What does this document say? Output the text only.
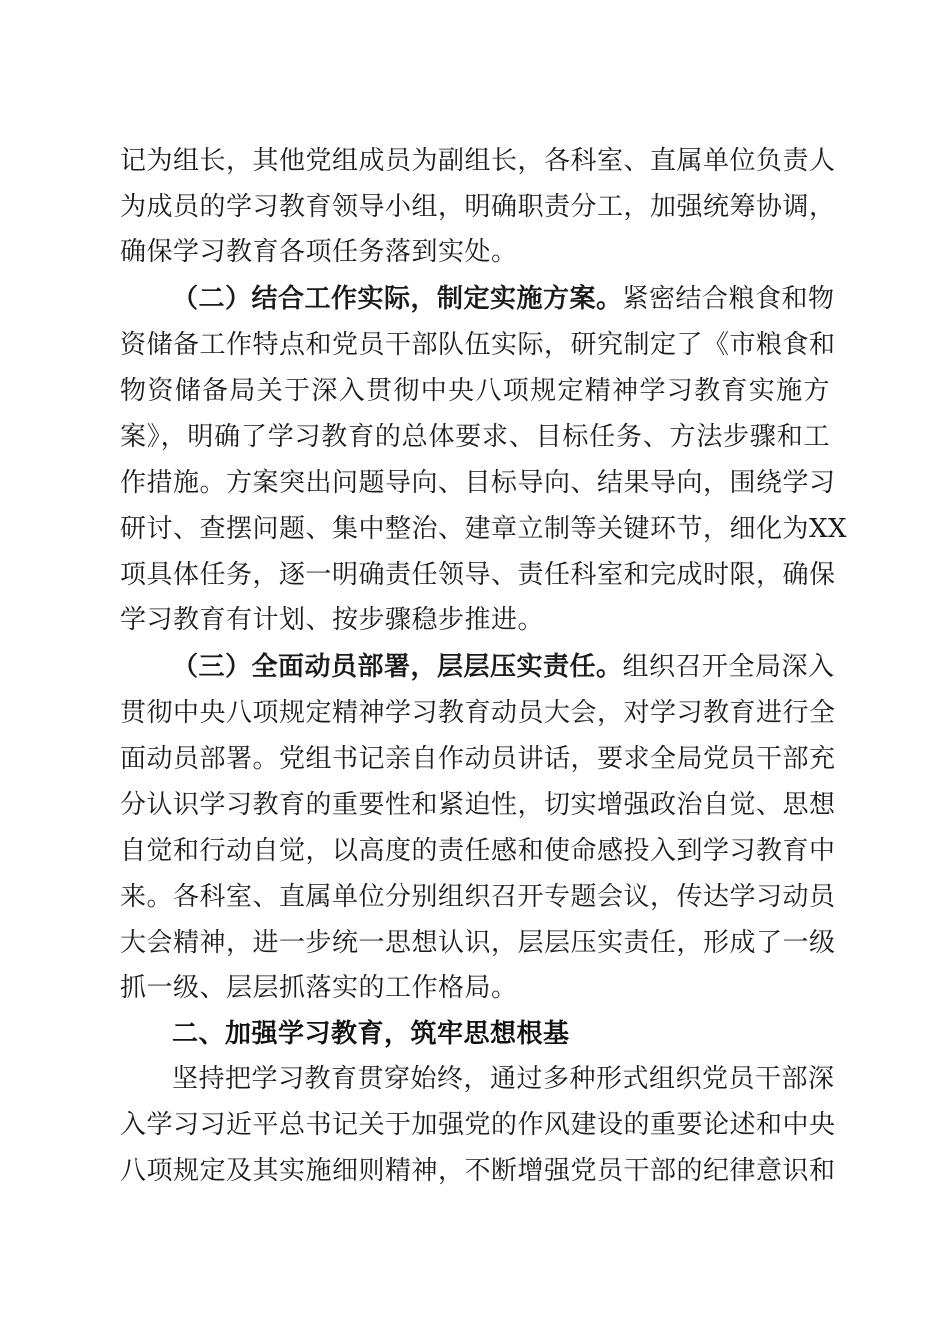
记为组长，其他党组成员为副组长，各科室、直属单位负责人
为成员的学习教育领导小组，明确职责分工，加强统筹协调，
确保学习教育各项任务落到实处。
（二）结合工作实际，制定实施方案。紧密结合粮食和物
资储备工作特点和党员干部队伍实际，研究制定了《市粮食和
物资储备局关于深入贯彻中央八项规定精神学习教育实施方
案》，明确了学习教育的总体要求、目标任务、方法步骤和工
作措施。方案突出问题导向、目标导向、结果导向，围绕学习
研讨、查摆问题、集中整治、建章立制等关键环节，细化为XX
项具体任务，逐一明确责任领导、责任科室和完成时限，确保
学习教育有计划、按步骤稳步推进。
（三）全面动员部署，层层压实责任。组织召开全局深入
贯彻中央八项规定精神学习教育动员大会，对学习教育进行全
面动员部署。党组书记亲自作动员讲话，要求全局党员干部充
分认识学习教育的重要性和紧迫性，切实增强政治自觉、思想
自觉和行动自觉，以高度的责任感和使命感投入到学习教育中
来。各科室、直属单位分别组织召开专题会议，传达学习动员
大会精神，进一步统一思想认识，层层压实责任，形成了一级
抓一级、层层抓落实的工作格局。
二、加强学习教育，筑牢思想根基
坚持把学习教育贯穿始终，通过多种形式组织党员干部深
入学习习近平总书记关于加强党的作风建设的重要论述和中央
八项规定及其实施细则精神，不断增强党员干部的纪律意识和
